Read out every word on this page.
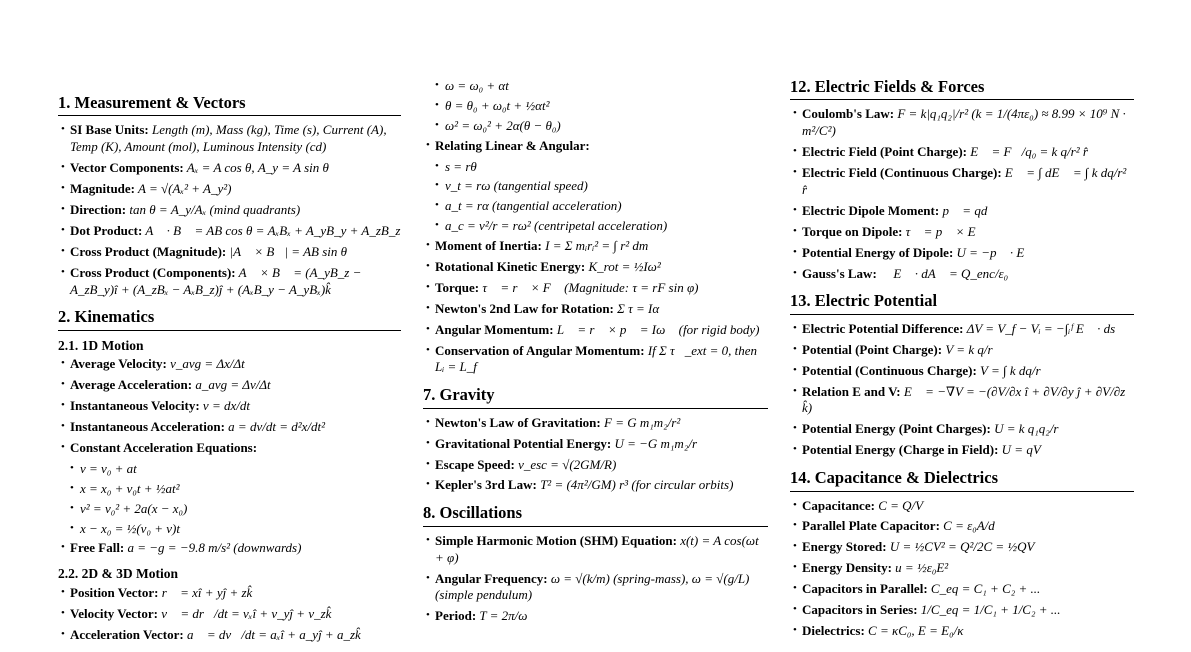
1. Measurement & Vectors
• SI Base Units: Length (m), Mass (kg), Time (s), Current (A), Temp (K), Amount (mol), Luminous Intensity (cd)
• Vector Components: Aₓ = A cos θ, A_y = A sin θ
• Magnitude: A = √(Aₓ² + A_y²)
• Direction: tan θ = A_y/Aₓ (mind quadrants)
• Dot Product: A⃗ · B⃗ = AB cos θ = AₓBₓ + A_yB_y + A_zB_z
• Cross Product (Magnitude): |A⃗ × B⃗| = AB sin θ
• Cross Product (Components): A⃗ × B⃗ = (A_yB_z − A_zB_y)î + (A_zBₓ − AₓB_z)ĵ + (AₓB_y − A_yBₓ)k̂
2. Kinematics
2.1. 1D Motion
• Average Velocity: v_avg = Δx/Δt
• Average Acceleration: a_avg = Δv/Δt
• Instantaneous Velocity: v = dx/dt
• Instantaneous Acceleration: a = dv/dt = d²x/dt²
• Constant Acceleration Equations:
• v = v₀ + at
• x = x₀ + v₀t + ½at²
• v² = v₀² + 2a(x − x₀)
• x − x₀ = ½(v₀ + v)t
• Free Fall: a = −g = −9.8 m/s² (downwards)
2.2. 2D & 3D Motion
• Position Vector: r⃗ = xî + yĵ + zk̂
• Velocity Vector: v⃗ = dr⃗/dt = vₓî + v_yĵ + v_zk̂
• Acceleration Vector: a⃗ = dv⃗/dt = aₓî + a_yĵ + a_zk̂
• ω = ω₀ + αt
• θ = θ₀ + ω₀t + ½αt²
• ω² = ω₀² + 2α(θ − θ₀)
• Relating Linear & Angular:
• s = rθ
• v_t = rω (tangential speed)
• a_t = rα (tangential acceleration)
• a_c = v²/r = rω² (centripetal acceleration)
• Moment of Inertia: I = Σ mᵢrᵢ² = ∫ r² dm
• Rotational Kinetic Energy: K_rot = ½Iω²
• Torque: τ⃗ = r⃗ × F⃗ (Magnitude: τ = rF sin φ)
• Newton's 2nd Law for Rotation: Σ τ = Iα
• Angular Momentum: L⃗ = r⃗ × p⃗ = Iω⃗ (for rigid body)
• Conservation of Angular Momentum: If Σ τ⃗_ext = 0, then Lᵢ = L_f
7. Gravity
• Newton's Law of Gravitation: F = G m₁m₂/r²
• Gravitational Potential Energy: U = −G m₁m₂/r
• Escape Speed: v_esc = √(2GM/R)
• Kepler's 3rd Law: T² = (4π²/GM) r³ (for circular orbits)
8. Oscillations
• Simple Harmonic Motion (SHM) Equation: x(t) = A cos(ωt + φ)
• Angular Frequency: ω = √(k/m) (spring-mass), ω = √(g/L) (simple pendulum)
• Period: T = 2π/ω
12. Electric Fields & Forces
• Coulomb's Law: F = k|q₁q₂|/r² (k = 1/(4πε₀) ≈ 8.99 × 10⁹ N · m²/C²)
• Electric Field (Point Charge): E⃗ = F⃗/q₀ = k q/r² r̂
• Electric Field (Continuous Charge): E⃗ = ∫ dE⃗ = ∫ k dq/r² r̂
• Electric Dipole Moment: p⃗ = qd⃗
• Torque on Dipole: τ⃗ = p⃗ × E⃗
• Potential Energy of Dipole: U = −p⃗ · E⃗
• Gauss's Law: ∮ E⃗ · dA⃗ = Q_enc/ε₀
13. Electric Potential
• Electric Potential Difference: ΔV = V_f − Vᵢ = −∫ᵢᶠ E⃗ · ds⃗
• Potential (Point Charge): V = k q/r
• Potential (Continuous Charge): V = ∫ k dq/r
• Relation E and V: E⃗ = −∇V = −(∂V/∂x î + ∂V/∂y ĵ + ∂V/∂z k̂)
• Potential Energy (Point Charges): U = k q₁q₂/r
• Potential Energy (Charge in Field): U = qV
14. Capacitance & Dielectrics
• Capacitance: C = Q/V
• Parallel Plate Capacitor: C = ε₀A/d
• Energy Stored: U = ½CV² = Q²/2C = ½QV
• Energy Density: u = ½ε₀E²
• Capacitors in Parallel: C_eq = C₁ + C₂ + ...
• Capacitors in Series: 1/C_eq = 1/C₁ + 1/C₂ + ...
• Dielectrics: C = κC₀, E = E₀/κ
